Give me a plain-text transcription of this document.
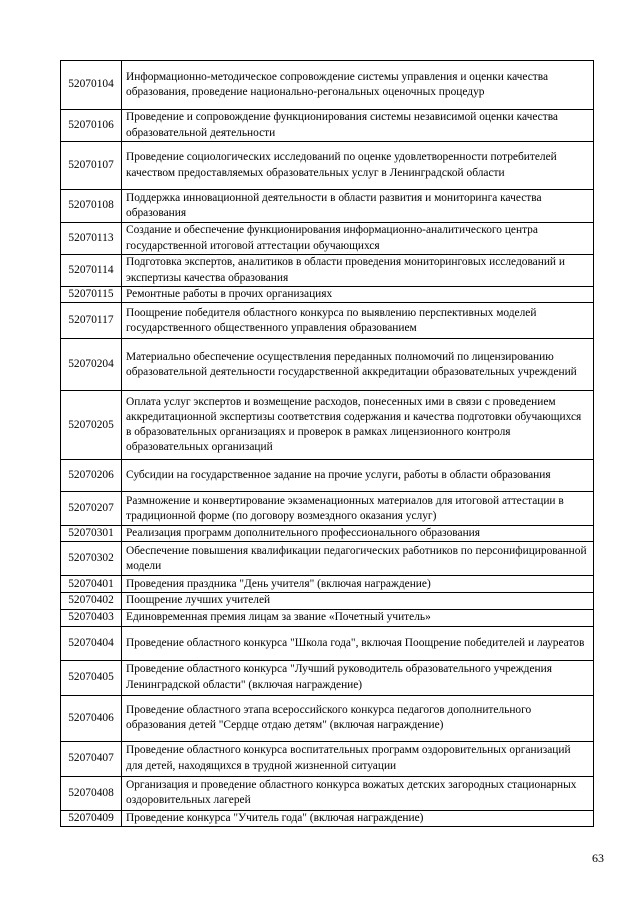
52070104	Информационно-методическое сопровождение системы управления и оценки качества образования, проведение национально-регональных оценочных процедур
52070106	Проведение и сопровождение функционирования системы независимой оценки качества образовательной деятельности
52070107	Проведение социологических исследований по оценке удовлетворенности потребителей качеством предоставляемых образовательных услуг в Ленинградской области
52070108	Поддержка инновационной деятельности в области развития и мониторинга качества образования
52070113	Создание и обеспечение функционирования информационно-аналитического центра государственной итоговой аттестации обучающихся
52070114	Подготовка экспертов, аналитиков в области проведения мониторинговых исследований и экспертизы качества образования
52070115	Ремонтные работы в прочих организациях
52070117	Поощрение победителя областного конкурса по выявлению перспективных моделей государственного общественного управления образованием
52070204	Материально обеспечение осуществления переданных полномочий по лицензированию образовательной деятельности государственной аккредитации образовательных учреждений
52070205	Оплата услуг экспертов и возмещение расходов, понесенных ими в связи с проведением аккредитационной экспертизы соответствия содержания и качества подготовки обучающихся в образовательных организациях и проверок в рамках лицензионного контроля образовательных организаций
52070206	Субсидии на государственное задание на прочие услуги, работы в области образования
52070207	Размножение и конвертирование экзаменационных материалов для итоговой аттестации в традиционной форме (по договору возмездного оказания услуг)
52070301	Реализация программ дополнительного профессионального образования
52070302	Обеспечение повышения квалификации педагогических работников по персонифицированной модели
52070401	Проведения праздника "День учителя" (включая награждение)
52070402	Поощрение лучших учителей
52070403	Единовременная премия лицам за звание «Почетный учитель»
52070404	Проведение областного конкурса "Школа года", включая Поощрение победителей и лауреатов
52070405	Проведение областного конкурса "Лучший руководитель образовательного учреждения Ленинградской области" (включая награждение)
52070406	Проведение областного этапа всероссийского конкурса педагогов дополнительного образования детей "Сердце отдаю детям" (включая награждение)
52070407	Проведение областного конкурса воспитательных программ оздоровительных организаций для детей, находящихся в трудной жизненной ситуации
52070408	Организация и проведение областного конкурса вожатых детских загородных стационарных оздоровительных лагерей
52070409	Проведение конкурса "Учитель года" (включая награждение)
63
